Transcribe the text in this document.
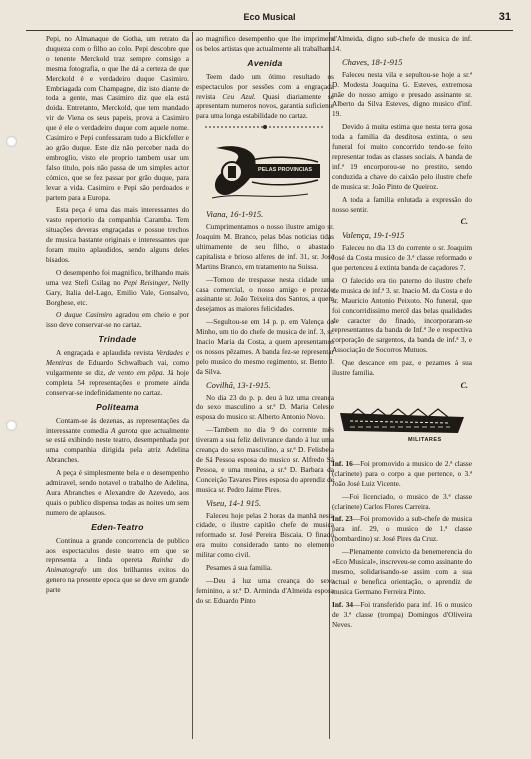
Eco Musical	31

Pepi, no Almanaque de Gotha, um retrato da duqueza com o filho ao colo. Pepi descobre que o tenente Merckold traz sempre comsigo a mesma fotografia, o que lhe dá a certeza de que Merckold é e verdadeiro duque Casimiro. Embriagada com Champagne, diz isto diante de toda a gente, mas Casimiro diz que ela está doida. Entretanto, Merckold, que tem mandado vir de Viena os seus papeis, prova a Casimiro que é ele o verdadeiro duque com aquele nome. Casimiro e Pepi confessaram tudo a Bickfeller e ao grão duque. Este diz não perceber nada do embroglio, visto ele proprio tambem usar um falso titulo, pois não passa de um simples actor cómico, que se fez passar por grão duque, para levar a vida. Casimiro e Pepi são perdoados e partem para a Europa.

Esta peça é uma das mais interessantes do vasto repertorio da companhia Caramba. Tem situações deveras engraçadas e possue trechos de musica bastante originais e interessantes que foram muito aplaudidos, sendo alguns deles bisados.

O desempenho foi magnifico, brilhando mais uma vez Stefi Csilag no Pepi Reisinger, Nelly Gary, Italia del-Lago, Emilio Vale, Gonsalvo, Borghese, etc.

O duque Casimiro agradou em cheio e por isso deve conservar-se no cartaz.

Trindade

A engraçada e aplaudida revista Verdades e Mentiras de Eduardo Schwalbach vai, como vulgarmente se diz, de vento em pôpa. Já hoje completa 54 representações e promete ainda conservar-se indefinidamente no cartaz.

Politeama

Contam-se ás dezenas, as representações da interessante comedia A garota que actualmente se está exibindo neste teatro, desempenhada por uma companhia dirigida pela atriz Adelina Abranches.

A peça é simplesmente bela e o desempenho admiravel, sendo notavel o trabalho de Adelina, Aura Abranches e Alexandre de Azevedo, aos quais o publico dispensa todas as noites um sem numero de aplausos.

Eden-Teatro

Continua a grande concorrencia de publico aos espectaculos deste teatro em que se representa a linda opereta Rainha do Animatografo um dos brilhantes exitos do genero na presente epoca que se deve em grande parte

ao magnifico desempenho que lhe imprimem os belos artistas que actualmente ali trabalham.

Avenida

Teem dado um ótimo resultado os espectaculos por sessões com a engraçada revista Ceu Azul. Quasi diariamente se apresentam numeros novos, garantia suficiente para uma longa estabilidade no cartaz.

PELAS PROVINCIAS
Viana, 16-1-915.

Cumprimentamos o nosso ilustre amigo sr. Joaquim M. Branco, pelas bôas noticias tidas ultimamente de seu filho, o abastado capitalista e brioso alferes de inf. 31, sr. José Martins Branco, em tratamento na Suissa.

—Tomou de trespasse nesta cidade uma casa comercial, o nosso amigo e prezado assinante sr. João Teixeira dos Santos, a quem desejamos as maiores felicidades.

—Segultou-se em 14 p. p. em Valença do Minho, um tio do chefe de musica de inf. 3, sr. Inacio Maria da Costa, a quem apresentamos os nossos pêzames. A banda fez-se representar pelo musico do mesmo regimento, sr. Bento J. da Silva.

Covilhã, 13-1-915.

No dia 23 do p. p. deu á luz uma creança do sexo masculino a sr.ª D. Maria Celeste esposa do musico sr. Alberto Antonio Novo.

—Tambem no dia 9 do corrente mês tiveram a sua feliz delivrance dando á luz uma creança do sexo masculino, a sr.ª D. Felisbela de Sá Pessoa esposa do musico sr. Alfredo Sá Pessoa, e uma menina, a sr.ª D. Barbara da Conceição Tavares Pires esposa do aprendiz de musica sr. Pedro Jaime Pires.

Viseu, 14-1 915.

Faleceu hoje pelas 2 horas da manhã nesta cidade, o ilustre capitão chefe de musica reformado sr. José Pereira Biscaia. O finado era muito considerado tanto no elemento militar como civil.

Pesames á sua familia.

—Deu á luz uma creança do sexo feminino, a sr.ª D. Arminda d'Almeida esposa do sr. Eduardo Pinto

d'Almeida, digno sub-chefe de musica de inf. 14.

Chaves, 18-1-915

Faleceu nesta vila e sepultou-se hoje a sr.ª D. Modesta Joaquina G. Esteves, extremosa mãe do nosso amigo e presado assinante sr. Alberto da Silva Esteves, digno musico d'inf. 19.

Devido á muita estima que nesta terra gosa toda a familia da desditosa extinta, o seu funeral foi muito concorrido tendo-se feito representar todas as classes sociais. A banda de inf.ª 19 encorporou-se no prestito, sendo conduzida a chave do caixão pelo ilustre chefe de musica sr. João Pinto de Queiroz.

A toda a familia enlutada a expressão do nosso sentir.

C.
Valença, 19-1-915

Faleceu no dia 13 do corrente o sr. Joaquim José da Costa musico de 3.ª classe reformado e que pertenceu á extinta banda de caçadores 7.

O falecido era tio paterno do ilustre chefe de musica de inf.ª 3. sr. Inacio M. da Costa e do sr. Mauricio Antonio Peixoto. No funeral, que foi concorridissimo mercê das belas qualidades de caracter do finado, incorporaram-se representantes da banda de Inf.ª 3e e respectiva corporação de sargentos, da banda de inf.ª 3, e Associação de Socorros Mutuos.

Que descance em paz, e pezames á sua ilustre familia.

C.
MILITARES

Inf. 16—Foi promovido a musico de 2.ª classe (clarinete) para o corpo a que pertence, o 3.ª João José Luiz Vicente.

—Foi licenciado, o musico de 3.ª classe (clarinete) Carlos Flores Carreira.

Inf. 23—Foi promovido a sub-chefe de musica para inf. 29, o musico de 1.ª classe (bombardino) sr. José Pires da Cruz.

—Plenamente convicto da benemerencia do «Eco Musical», inscreveu-se como assinante do mesmo, solidarisando-se assim com a sua actual e benefica orientação, o aprendiz de musica Germano Ferreira Pinto.

Inf. 34—Foi transferido para inf. 16 o musico de 3.ª classe (trompa) Domingos d'Oliveira Neves.
